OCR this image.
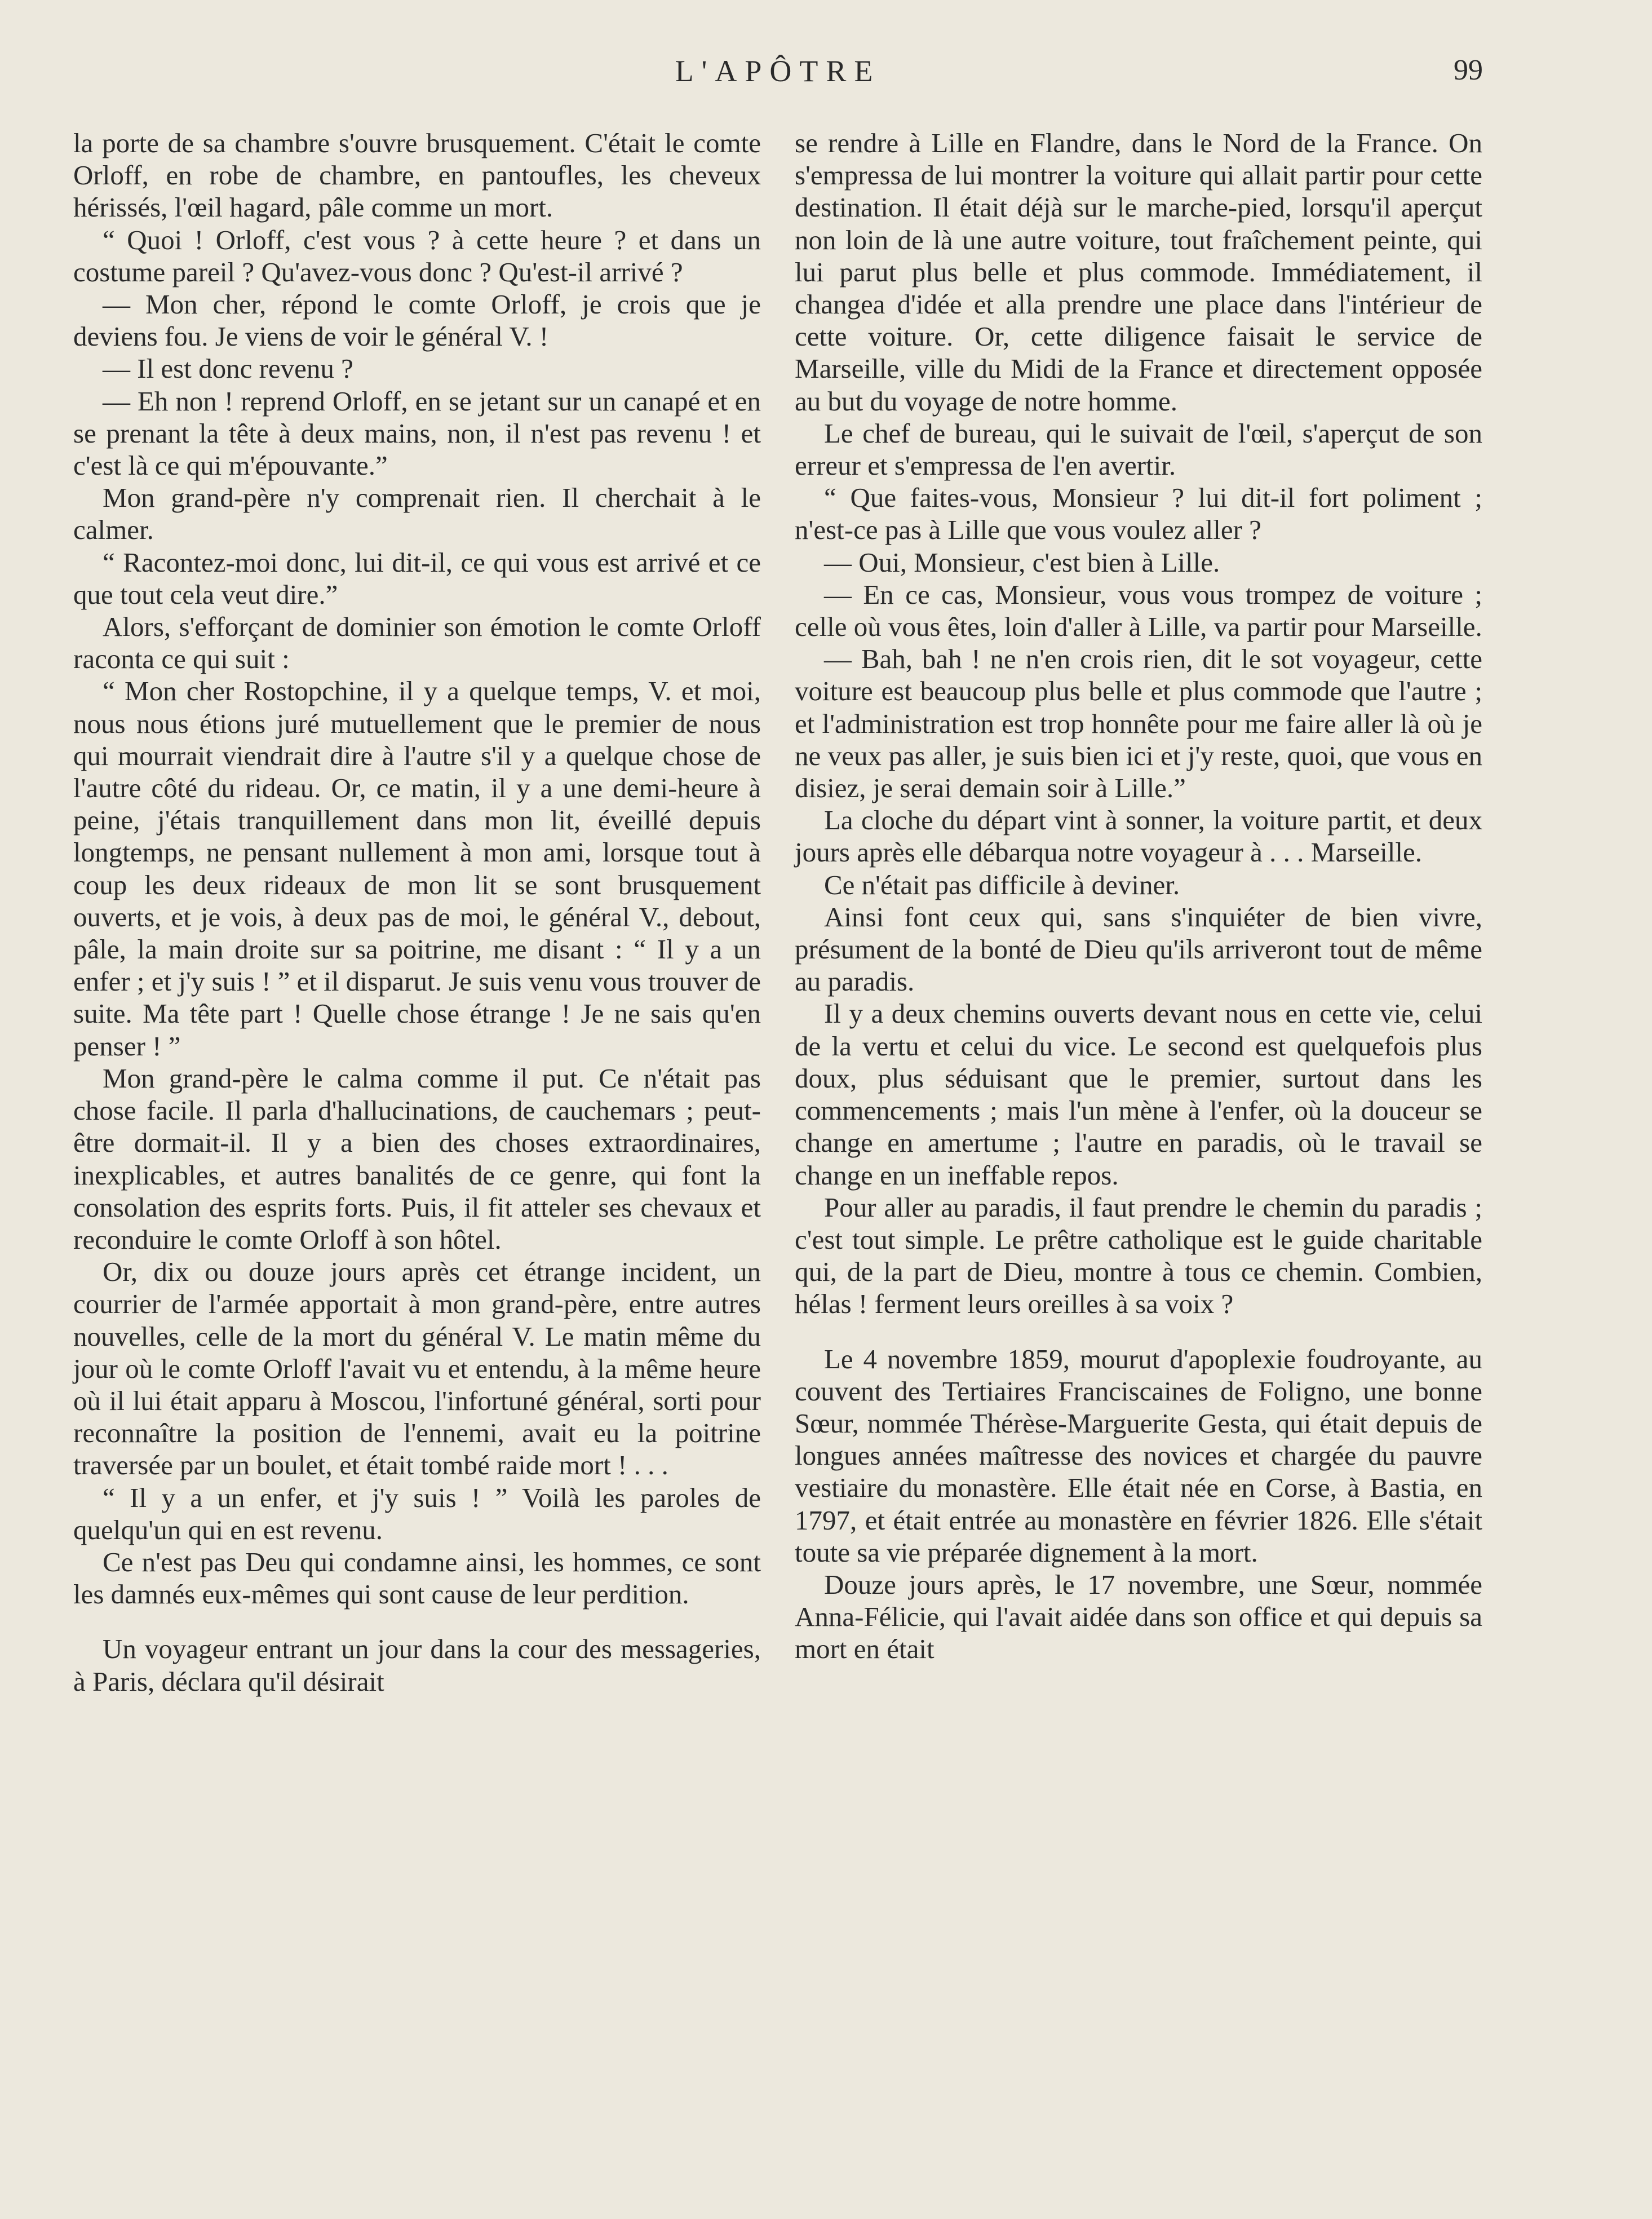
L'APÔTRE	99

la porte de sa chambre s'ouvre brusquement. C'était le comte Orloff, en robe de chambre, en pantoufles, les cheveux hérissés, l'œil hagard, pâle comme un mort.

“ Quoi ! Orloff, c'est vous ? à cette heure ? et dans un costume pareil ? Qu'avez-vous donc ? Qu'est-il arrivé ?

— Mon cher, répond le comte Orloff, je crois que je deviens fou. Je viens de voir le général V. !

— Il est donc revenu ?

— Eh non ! reprend Orloff, en se jetant sur un canapé et en se prenant la tête à deux mains, non, il n'est pas revenu ! et c'est là ce qui m'épouvante.”

Mon grand-père n'y comprenait rien. Il cherchait à le calmer.

“ Racontez-moi donc, lui dit-il, ce qui vous est arrivé et ce que tout cela veut dire.”

Alors, s'efforçant de dominier son émotion le comte Orloff raconta ce qui suit :

“ Mon cher Rostopchine, il y a quelque temps, V. et moi, nous nous étions juré mutuellement que le premier de nous qui mourrait viendrait dire à l'autre s'il y a quelque chose de l'autre côté du rideau. Or, ce matin, il y a une demi-heure à peine, j'étais tranquillement dans mon lit, éveillé depuis longtemps, ne pensant nullement à mon ami, lorsque tout à coup les deux rideaux de mon lit se sont brusquement ouverts, et je vois, à deux pas de moi, le général V., debout, pâle, la main droite sur sa poitrine, me disant : “ Il y a un enfer ; et j'y suis ! ” et il disparut. Je suis venu vous trouver de suite. Ma tête part ! Quelle chose étrange ! Je ne sais qu'en penser ! ”

Mon grand-père le calma comme il put. Ce n'était pas chose facile. Il parla d'hallucinations, de cauchemars ; peut-être dormait-il. Il y a bien des choses extraordinaires, inexplicables, et autres banalités de ce genre, qui font la consolation des esprits forts. Puis, il fit atteler ses chevaux et reconduire le comte Orloff à son hôtel.

Or, dix ou douze jours après cet étrange incident, un courrier de l'armée apportait à mon grand-père, entre autres nouvelles, celle de la mort du général V. Le matin même du jour où le comte Orloff l'avait vu et entendu, à la même heure où il lui était apparu à Moscou, l'infortuné général, sorti pour reconnaître la position de l'ennemi, avait eu la poitrine traversée par un boulet, et était tombé raide mort ! . . .

“ Il y a un enfer, et j'y suis ! ” Voilà les paroles de quelqu'un qui en est revenu.

Ce n'est pas Deu qui condamne ainsi, les hommes, ce sont les damnés eux-mêmes qui sont cause de leur perdition.

Un voyageur entrant un jour dans la cour des messageries, à Paris, déclara qu'il désirait

se rendre à Lille en Flandre, dans le Nord de la France. On s'empressa de lui montrer la voiture qui allait partir pour cette destination. Il était déjà sur le marche-pied, lorsqu'il aperçut non loin de là une autre voiture, tout fraîchement peinte, qui lui parut plus belle et plus commode. Immédiatement, il changea d'idée et alla prendre une place dans l'intérieur de cette voiture. Or, cette diligence faisait le service de Marseille, ville du Midi de la France et directement opposée au but du voyage de notre homme.

Le chef de bureau, qui le suivait de l'œil, s'aperçut de son erreur et s'empressa de l'en avertir.

“ Que faites-vous, Monsieur ? lui dit-il fort poliment ; n'est-ce pas à Lille que vous voulez aller ?

— Oui, Monsieur, c'est bien à Lille.

— En ce cas, Monsieur, vous vous trompez de voiture ; celle où vous êtes, loin d'aller à Lille, va partir pour Marseille.

— Bah, bah ! ne n'en crois rien, dit le sot voyageur, cette voiture est beaucoup plus belle et plus commode que l'autre ; et l'administration est trop honnête pour me faire aller là où je ne veux pas aller, je suis bien ici et j'y reste, quoi, que vous en disiez, je serai demain soir à Lille.”

La cloche du départ vint à sonner, la voiture partit, et deux jours après elle débarqua notre voyageur à . . . Marseille.

Ce n'était pas difficile à deviner.

Ainsi font ceux qui, sans s'inquiéter de bien vivre, présument de la bonté de Dieu qu'ils arriveront tout de même au paradis.

Il y a deux chemins ouverts devant nous en cette vie, celui de la vertu et celui du vice. Le second est quelquefois plus doux, plus séduisant que le premier, surtout dans les commencements ; mais l'un mène à l'enfer, où la douceur se change en amertume ; l'autre en paradis, où le travail se change en un ineffable repos.

Pour aller au paradis, il faut prendre le chemin du paradis ; c'est tout simple. Le prêtre catholique est le guide charitable qui, de la part de Dieu, montre à tous ce chemin. Combien, hélas ! ferment leurs oreilles à sa voix ?

Le 4 novembre 1859, mourut d'apoplexie foudroyante, au couvent des Tertiaires Franciscaines de Foligno, une bonne Sœur, nommée Thérèse-Marguerite Gesta, qui était depuis de longues années maîtresse des novices et chargée du pauvre vestiaire du monastère. Elle était née en Corse, à Bastia, en 1797, et était entrée au monastère en février 1826. Elle s'était toute sa vie préparée dignement à la mort.

Douze jours après, le 17 novembre, une Sœur, nommée Anna-Félicie, qui l'avait aidée dans son office et qui depuis sa mort en était
